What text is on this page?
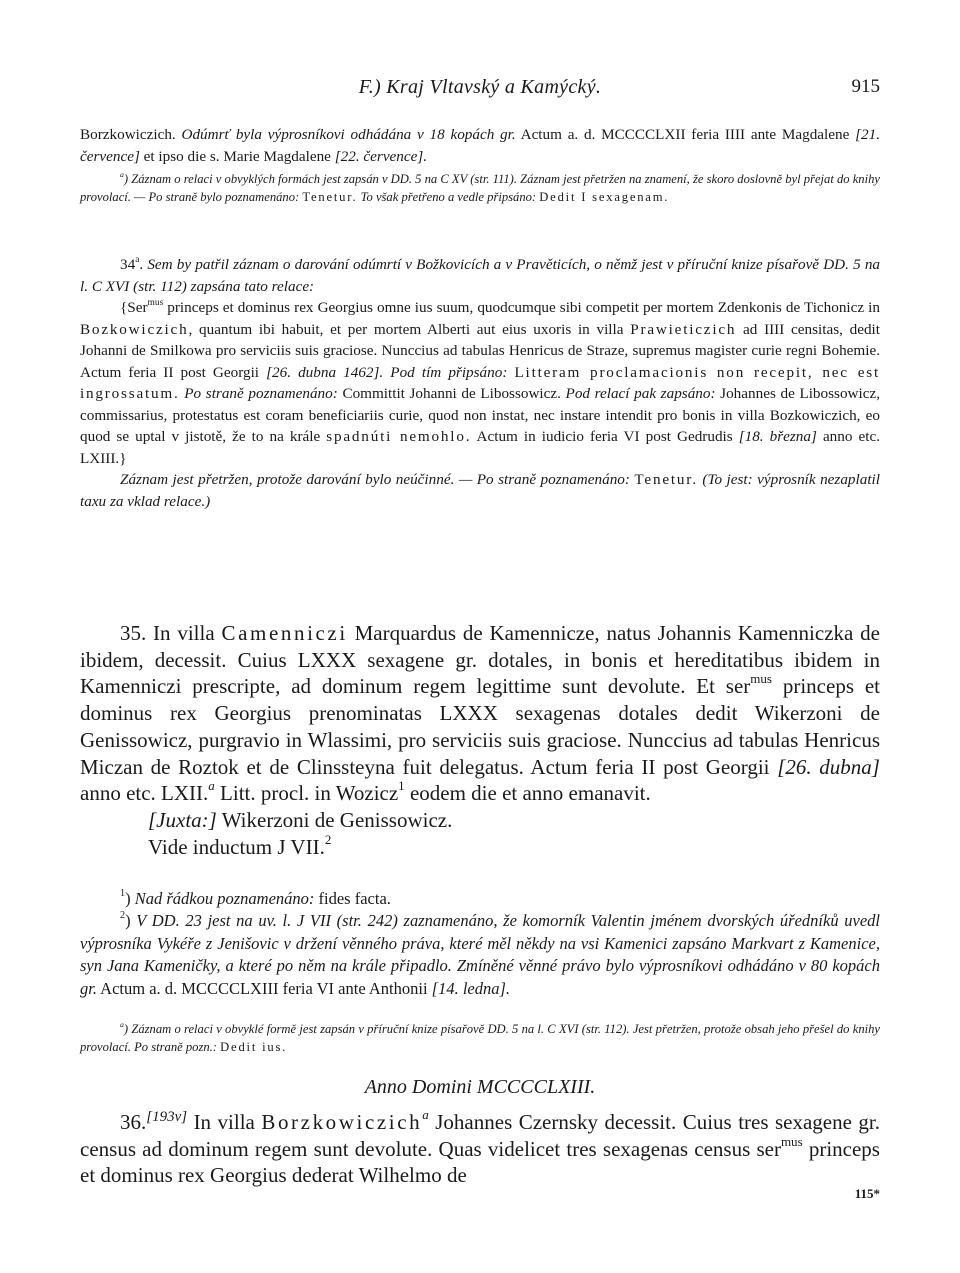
F.) Kraj Vltavský a Kamýcký.	915
Borzkowiczich. Odúmrť byla výprosníkovi odhádána v 18 kopách gr. Actum a. d. MCCCCLXII feria IIII ante Magdalene [21. července] et ipso die s. Marie Magdalene [22. července].
$^a$) Záznam o relaci v obvyklých formách jest zapsán v DD. 5 na C XV (str. 111). Záznam jest přetržen na znamení, že skoro doslovně byl přejat do knihy provolací. — Po straně bylo poznamenáno: Tenetur. To však přetřeno a vedle připsáno: Dedit I sexagenam.
34$^a$. Sem by patřil záznam o darování odúmrtí v Božkovicích a v Pravěticích, o němž jest v příruční knize písařově DD. 5 na l. C XVI (str. 112) zapsána tato relace:
{Ser$^{mus}$ princeps et dominus rex Georgius omne ius suum, quodcumque sibi competit per mortem Zdenkonis de Tichonicz in Bozkowiczich, quantum ibi habuit, et per mortem Alberti aut eius uxoris in villa Prawieticzich ad IIII censitas, dedit Johanni de Smilkowa pro serviciis suis graciose. Nunccius ad tabulas Henricus de Straze, supremus magister curie regni Bohemie. Actum feria II post Georgii [26. dubna 1462]. Pod tím připsáno: Litteram proclamacionis non recepit, nec est ingrossatum. Po straně poznamenáno: Committit Johanni de Libossowicz. Pod relací pak zapsáno: Johannes de Libossowicz, commissarius, protestatus est coram beneficiariis curie, quod non instat, nec instare intendit pro bonis in villa Bozkowiczich, eo quod se uptal v jistotě, že to na krále spadnúti nemohlo. Actum in iudicio feria VI post Gedrudis [18. března] anno etc. LXIII.}
Záznam jest přetržen, protože darování bylo neúčinné. — Po straně poznamenáno: Tenetur. (To jest: výprosník nezaplatil taxu za vklad relace.)
35. In villa Camenniczi Marquardus de Kamennicze, natus Johannis Kamenniczka de ibidem, decessit. Cuius LXXX sexagene gr. dotales, in bonis et hereditatibus ibidem in Kamenniczi prescripte, ad dominum regem legittime sunt devolute. Et ser$^{mus}$ princeps et dominus rex Georgius prenominatas LXXX sexagenas dotales dedit Wikerzoni de Genissowicz, purgravio in Wlassimi, pro serviciis suis graciose. Nunccius ad tabulas Henricus Miczan de Roztok et de Clinssteyna fuit delegatus. Actum feria II post Georgii [26. dubna] anno etc. LXII.$^a$ Litt. procl. in Wozicz$^1$ eodem die et anno emanavit.
[Juxta:] Wikerzoni de Genissowicz.
Vide inductum J VII.$^2$
$^1$) Nad řádkou poznamenáno: fides facta.
$^2$) V DD. 23 jest na uv. l. J VII (str. 242) zaznamenáno, že komorník Valentin jménem dvorských úředníků uvedl výprosníka Vykéře z Jenišovic v držení věnného práva, které měl někdy na vsi Kamenici zapsáno Markvart z Kamenice, syn Jana Kameničky, a které po něm na krále připadlo. Zmíněné věnné právo bylo výprosníkovi odhádáno v 80 kopách gr. Actum a. d. MCCCCLXIII feria VI ante Anthonii [14. ledna].
$^a$) Záznam o relaci v obvyklé formě jest zapsán v příruční knize písařově DD. 5 na l. C XVI (str. 112). Jest přetržen, protože obsah jeho přešel do knihy provolací. Po straně pozn.: Dedit ius.
Anno Domini MCCCCLXIII.
36.[193v] In villa Borzkowiczich$^a$ Johannes Czernsky decessit. Cuius tres sexagene gr. census ad dominum regem sunt devolute. Quas videlicet tres sexagenas census ser$^{mus}$ princeps et dominus rex Georgius dederat Wilhelmo de
115*
